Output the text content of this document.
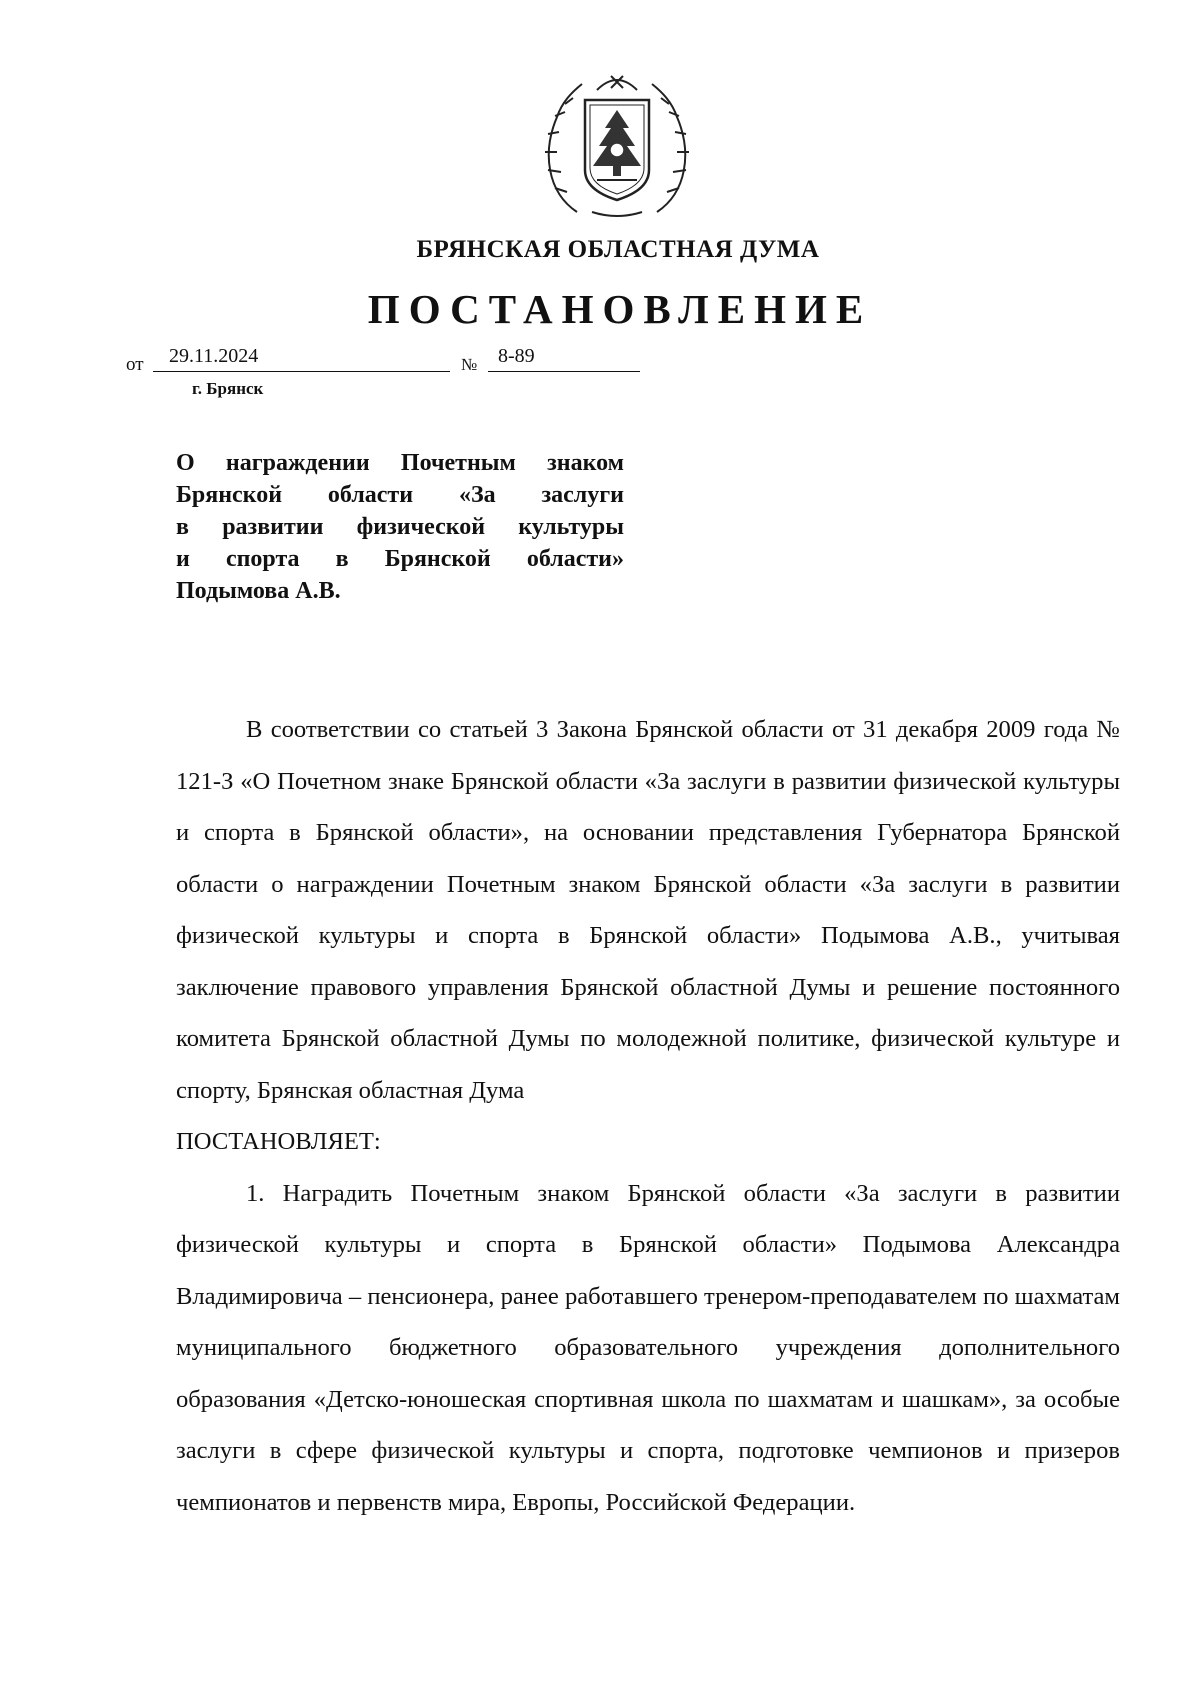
БРЯНСКАЯ ОБЛАСТНАЯ ДУМА
ПОСТАНОВЛЕНИЕ
от 29.11.2024	№ 8-89
г. Брянск
О награждении Почетным знаком
Брянской области «За заслуги
в развитии физической культуры
и спорта в Брянской области»
Подымова А.В.

В соответствии со статьей 3 Закона Брянской области от 31 декабря 2009 года № 121-З «О Почетном знаке Брянской области «За заслуги в развитии физической культуры и спорта в Брянской области», на основании представления Губернатора Брянской области о награждении Почетным знаком Брянской области «За заслуги в развитии физической культуры и спорта в Брянской области» Подымова А.В., учитывая заключение правового управления Брянской областной Думы и решение постоянного комитета Брянской областной Думы по молодежной политике, физической культуре и спорту, Брянская областная Дума

ПОСТАНОВЛЯЕТ:

1. Наградить Почетным знаком Брянской области «За заслуги в развитии физической культуры и спорта в Брянской области» Подымова Александра Владимировича – пенсионера, ранее работавшего тренером-преподавателем по шахматам муниципального бюджетного образовательного учреждения дополнительного образования «Детско-юношеская спортивная школа по шахматам и шашкам», за особые заслуги в сфере физической культуры и спорта, подготовке чемпионов и призеров чемпионатов и первенств мира, Европы, Российской Федерации.
